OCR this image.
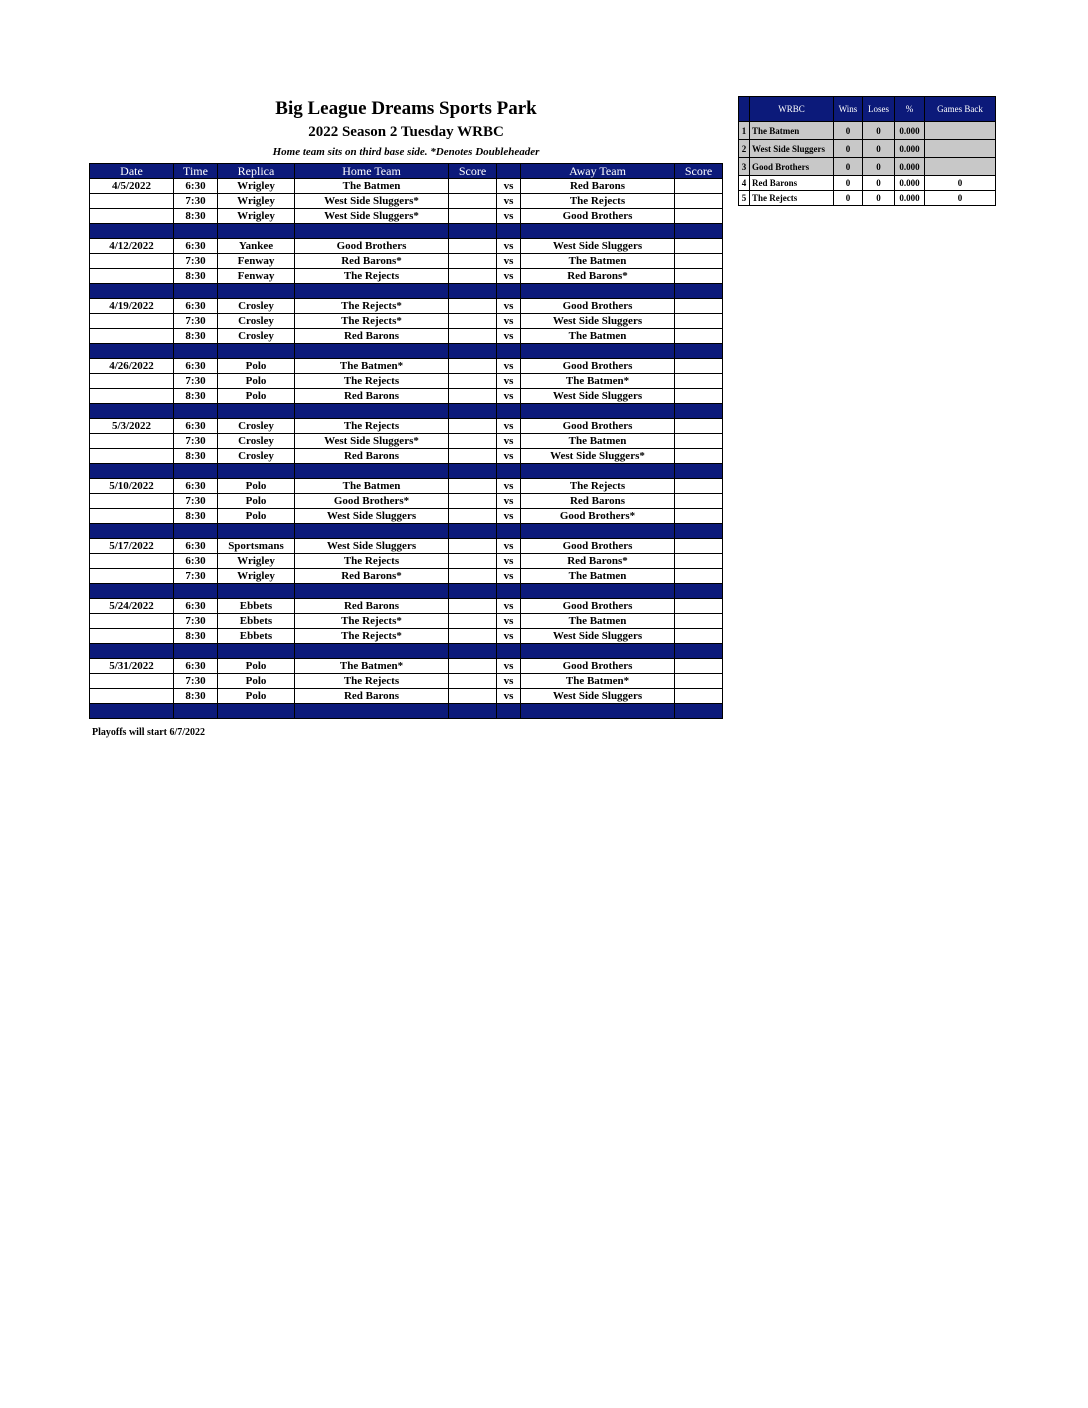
Big League Dreams Sports Park
2022 Season 2 Tuesday WRBC
Home team sits on third base side. *Denotes Doubleheader
Date	Time	Replica	Home Team	Score		Away Team	Score
4/5/2022	6:30	Wrigley	The Batmen		vs	Red Barons	
	7:30	Wrigley	West Side Sluggers*		vs	The Rejects	
	8:30	Wrigley	West Side Sluggers*		vs	Good Brothers	

4/12/2022	6:30	Yankee	Good Brothers		vs	West Side Sluggers	
	7:30	Fenway	Red Barons*		vs	The Batmen	
	8:30	Fenway	The Rejects		vs	Red Barons*	

4/19/2022	6:30	Crosley	The Rejects*		vs	Good Brothers	
	7:30	Crosley	The Rejects*		vs	West Side Sluggers	
	8:30	Crosley	Red Barons		vs	The Batmen	

4/26/2022	6:30	Polo	The Batmen*		vs	Good Brothers	
	7:30	Polo	The Rejects		vs	The Batmen*	
	8:30	Polo	Red Barons		vs	West Side Sluggers	

5/3/2022	6:30	Crosley	The Rejects		vs	Good Brothers	
	7:30	Crosley	West Side Sluggers*		vs	The Batmen	
	8:30	Crosley	Red Barons		vs	West Side Sluggers*	

5/10/2022	6:30	Polo	The Batmen		vs	The Rejects	
	7:30	Polo	Good Brothers*		vs	Red Barons	
	8:30	Polo	West Side Sluggers		vs	Good Brothers*	

5/17/2022	6:30	Sportsmans	West Side Sluggers		vs	Good Brothers	
	6:30	Wrigley	The Rejects		vs	Red Barons*	
	7:30	Wrigley	Red Barons*		vs	The Batmen	

5/24/2022	6:30	Ebbets	Red Barons		vs	Good Brothers	
	7:30	Ebbets	The Rejects*		vs	The Batmen	
	8:30	Ebbets	The Rejects*		vs	West Side Sluggers	

5/31/2022	6:30	Polo	The Batmen*		vs	Good Brothers	
	7:30	Polo	The Rejects		vs	The Batmen*	
	8:30	Polo	Red Barons		vs	West Side Sluggers	

Playoffs will start 6/7/2022
	WRBC	Wins	Loses	%	Games Back
1	The Batmen	0	0	0.000	
2	West Side Sluggers	0	0	0.000	
3	Good Brothers	0	0	0.000	
4	Red Barons	0	0	0.000	0
5	The Rejects	0	0	0.000	0
